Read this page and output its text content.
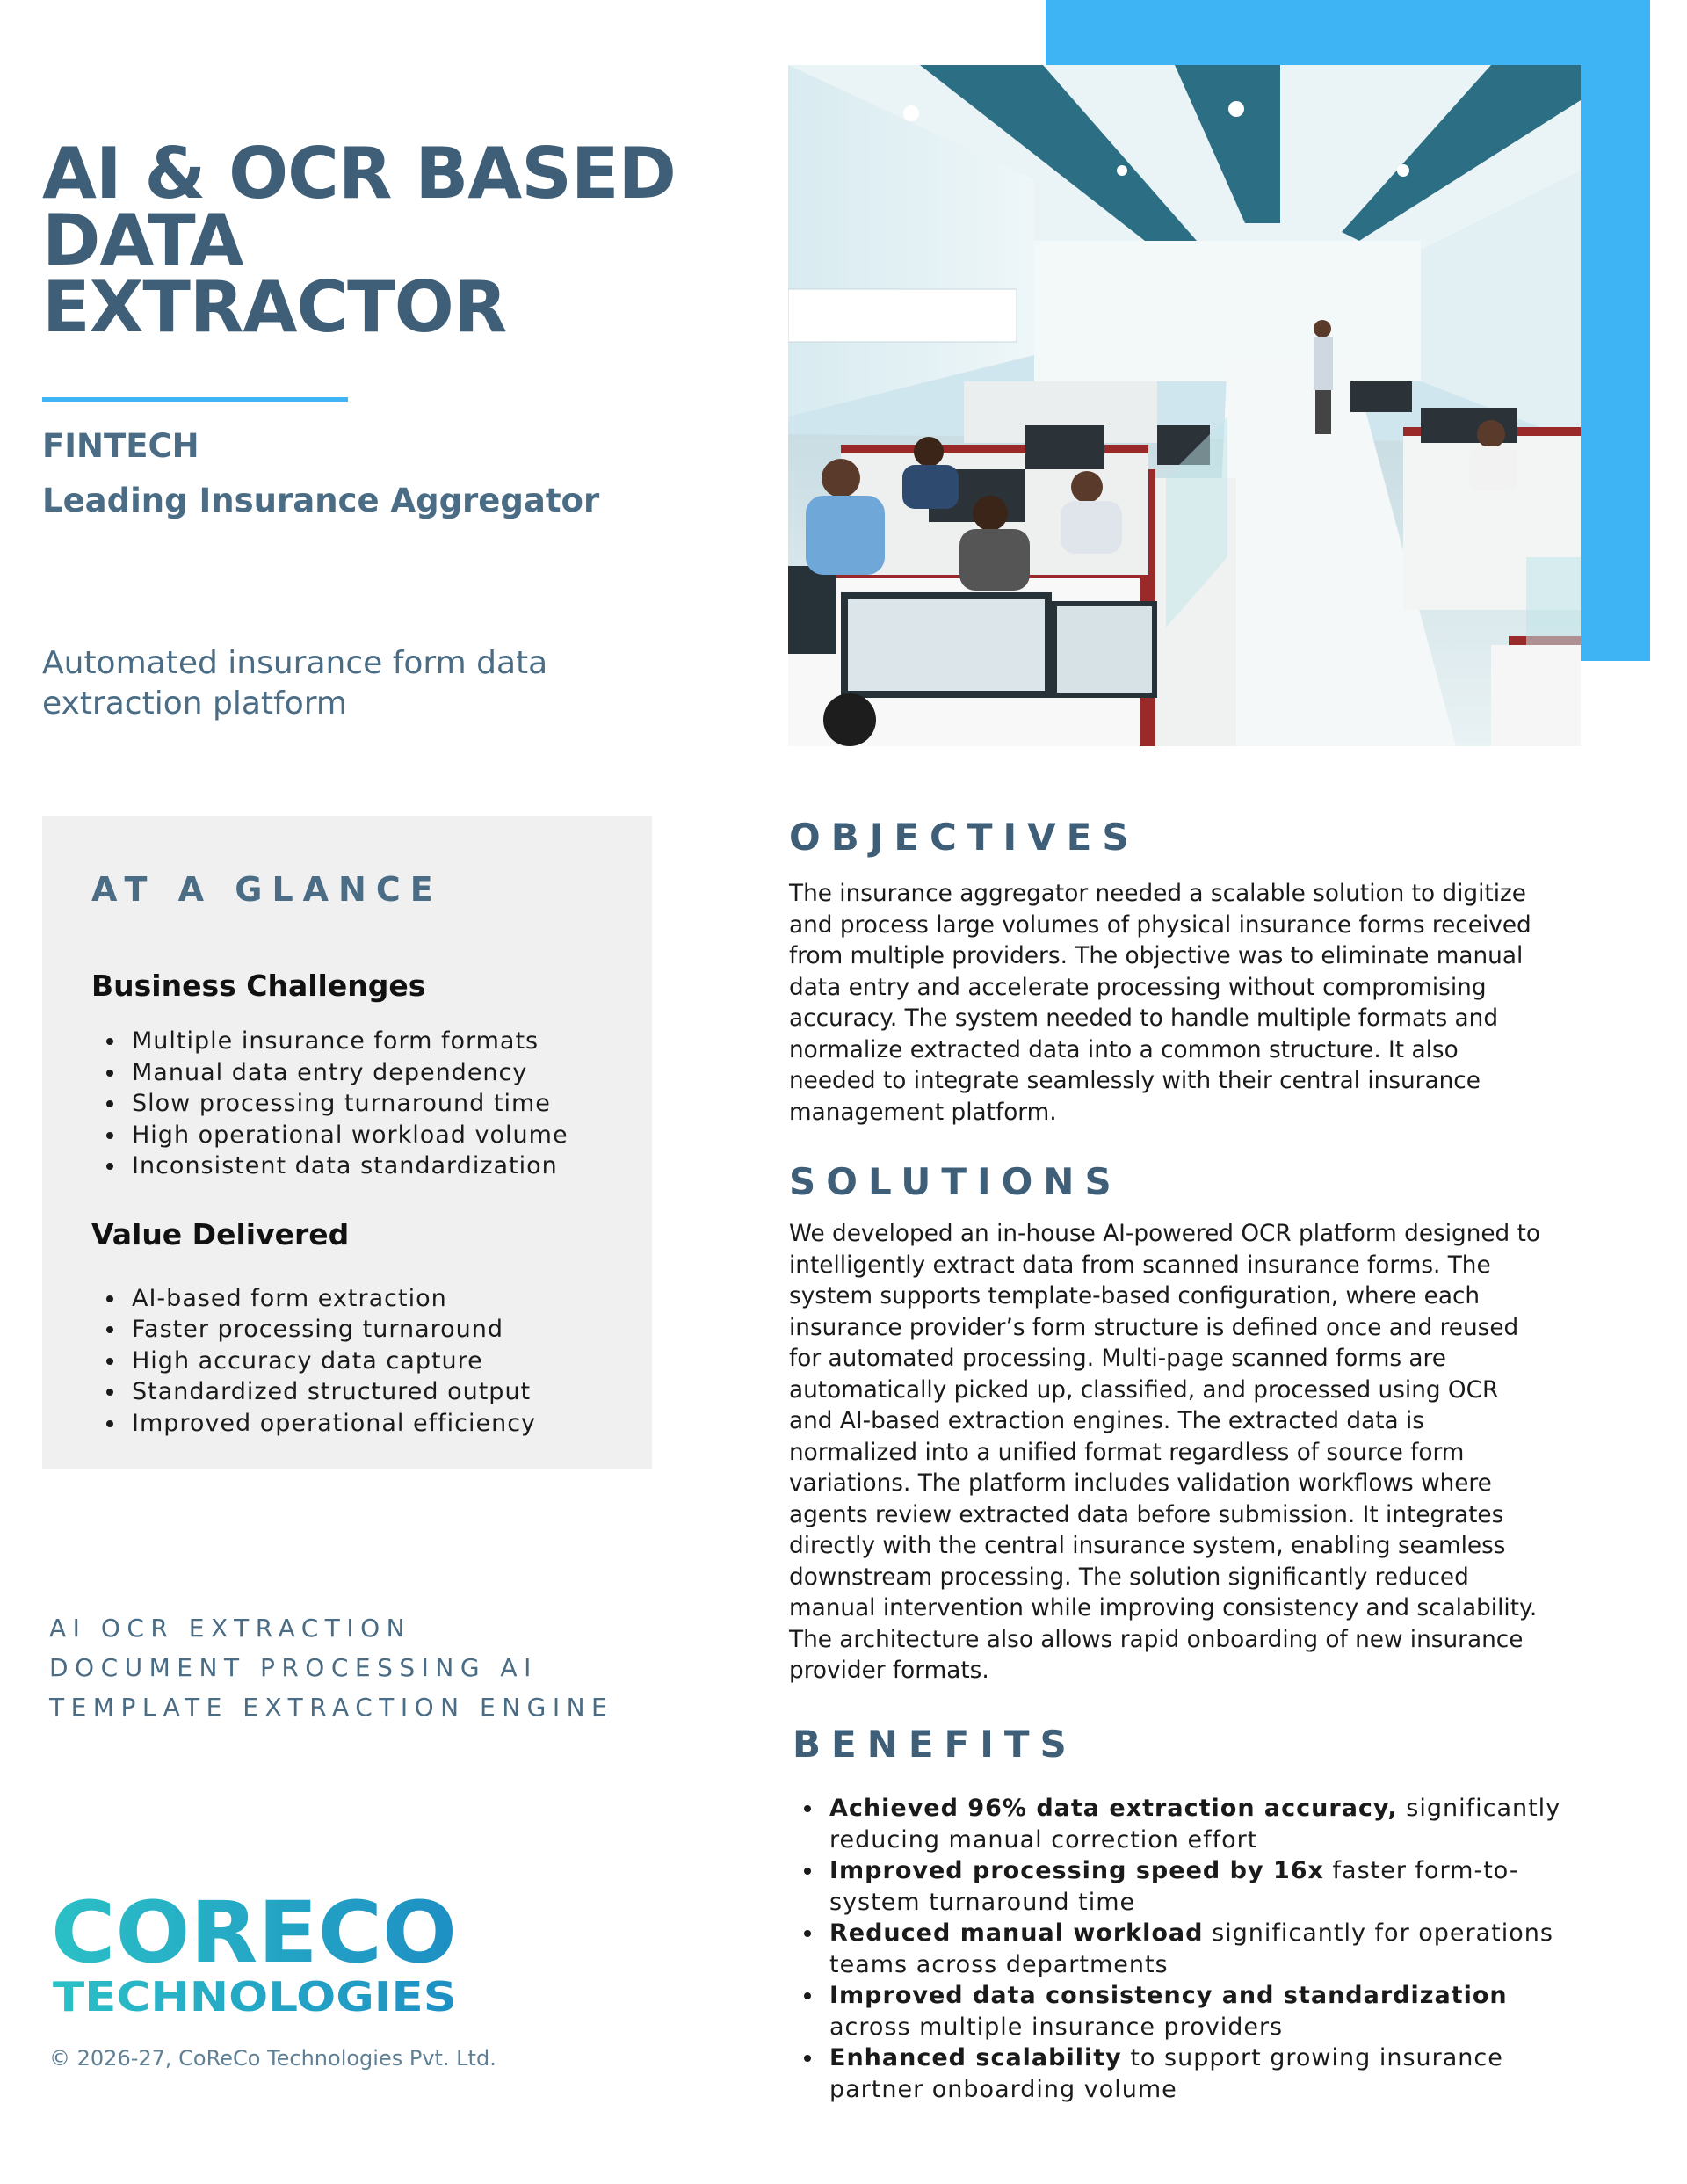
AI & OCR BASED
DATA EXTRACTOR
FINTECH
Leading Insurance Aggregator
Automated insurance form data extraction platform
AT A GLANCE
Business Challenges
Multiple insurance form formats
Manual data entry dependency
Slow processing turnaround time
High operational workload volume
Inconsistent data standardization
Value Delivered
AI-based form extraction
Faster processing turnaround
High accuracy data capture
Standardized structured output
Improved operational efficiency
AI OCR EXTRACTION
DOCUMENT PROCESSING AI
TEMPLATE EXTRACTION ENGINE
CORECO
TECHNOLOGIES
© 2026-27, CoReCo Technologies Pvt. Ltd.
OBJECTIVES

The insurance aggregator needed a scalable solution to digitize and process large volumes of physical insurance forms received from multiple providers. The objective was to eliminate manual data entry and accelerate processing without compromising accuracy. The system needed to handle multiple formats and normalize extracted data into a common structure. It also needed to integrate seamlessly with their central insurance management platform.

SOLUTIONS

We developed an in-house AI-powered OCR platform designed to intelligently extract data from scanned insurance forms. The system supports template-based configuration, where each insurance provider’s form structure is defined once and reused for automated processing. Multi-page scanned forms are automatically picked up, classified, and processed using OCR and AI-based extraction engines. The extracted data is normalized into a unified format regardless of source form variations. The platform includes validation workflows where agents review extracted data before submission. It integrates directly with the central insurance system, enabling seamless downstream processing. The solution significantly reduced manual intervention while improving consistency and scalability. The architecture also allows rapid onboarding of new insurance provider formats.

BENEFITS
Achieved 96% data extraction accuracy, significantly reducing manual correction effort
Improved processing speed by 16x faster form-to-system turnaround time
Reduced manual workload significantly for operations teams across departments
Improved data consistency and standardization across multiple insurance providers
Enhanced scalability to support growing insurance partner onboarding volume
